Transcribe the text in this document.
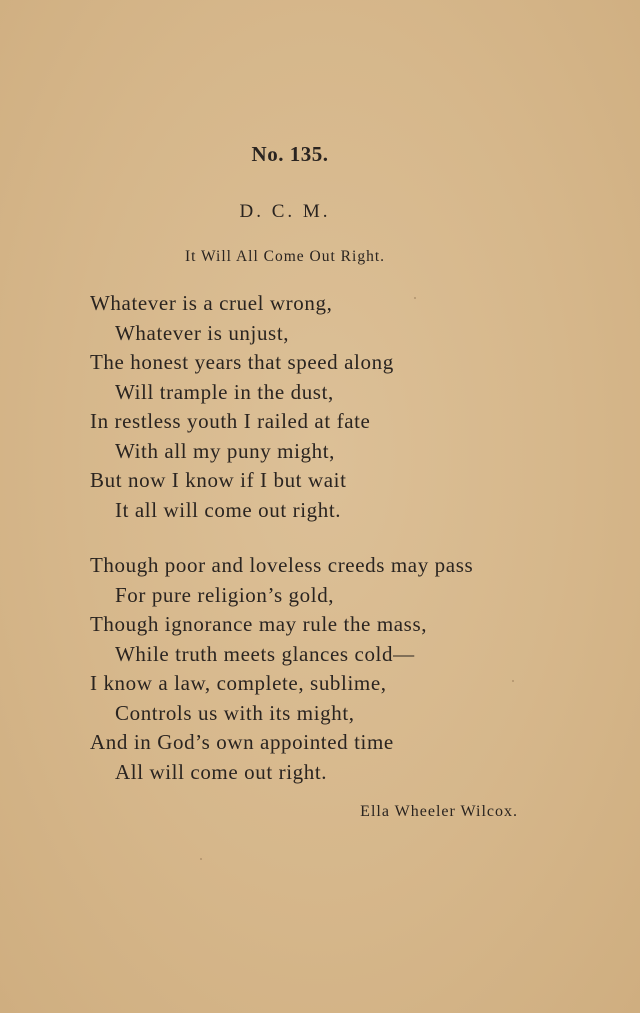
No. 135.
D. C. M.
It Will All Come Out Right.
Whatever is a cruel wrong,
Whatever is unjust,
The honest years that speed along
Will trample in the dust,
In restless youth I railed at fate
With all my puny might,
But now I know if I but wait
It all will come out right.
Though poor and loveless creeds may pass
For pure religion’s gold,
Though ignorance may rule the mass,
While truth meets glances cold—
I know a law, complete, sublime,
Controls us with its might,
And in God’s own appointed time
All will come out right.
Ella Wheeler Wilcox.
